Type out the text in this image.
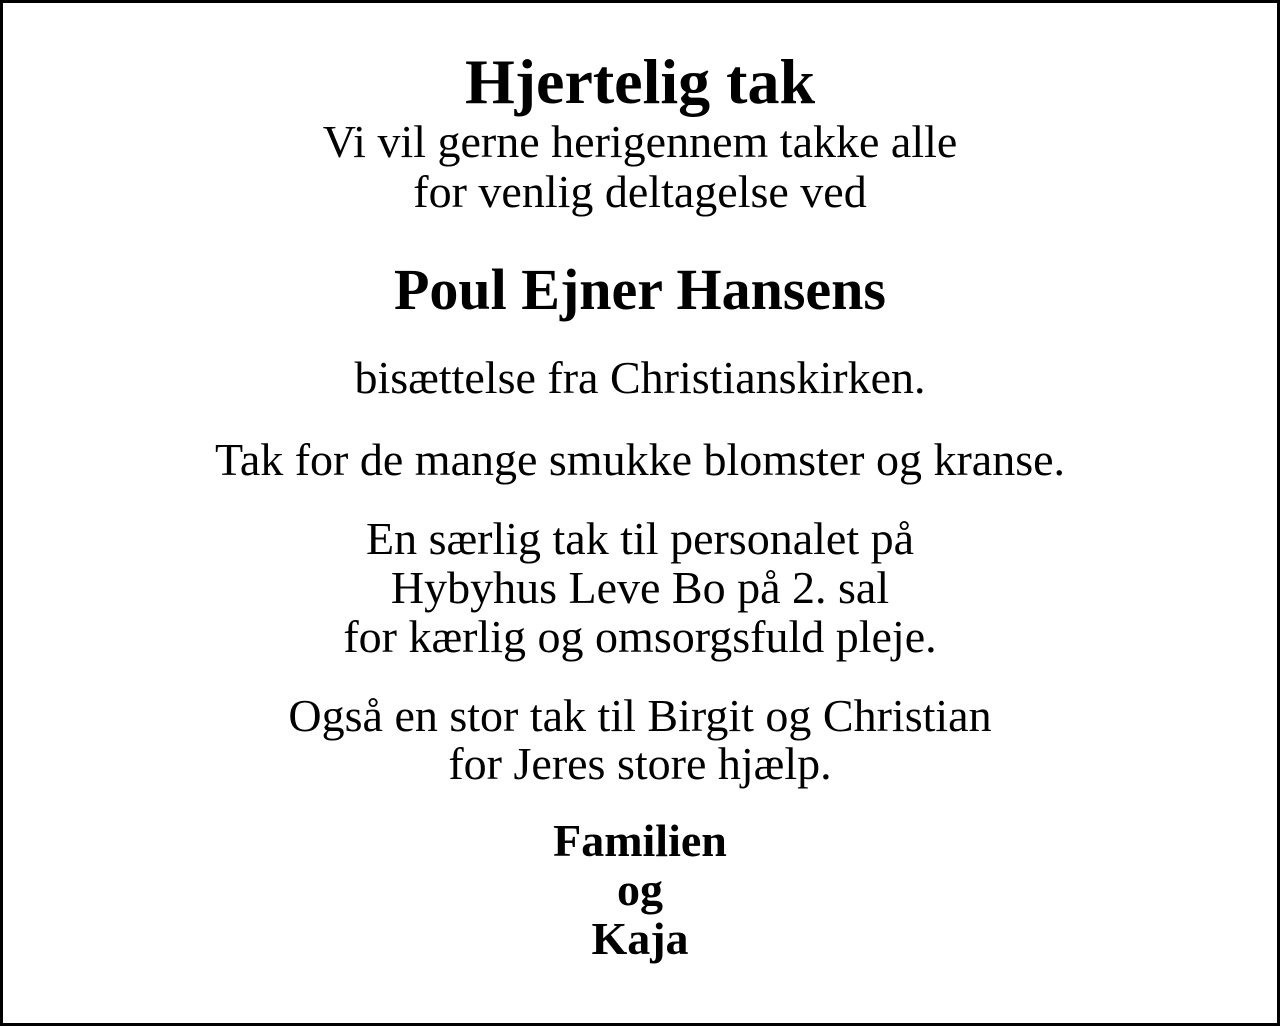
Hjertelig tak
Vi vil gerne herigennem takke alle
for venlig deltagelse ved
Poul Ejner Hansens
bisættelse fra Christianskirken.
Tak for de mange smukke blomster og kranse.
En særlig tak til personalet på
Hybyhus Leve Bo på 2. sal
for kærlig og omsorgsfuld pleje.
Også en stor tak til Birgit og Christian
for Jeres store hjælp.
Familien
og
Kaja
